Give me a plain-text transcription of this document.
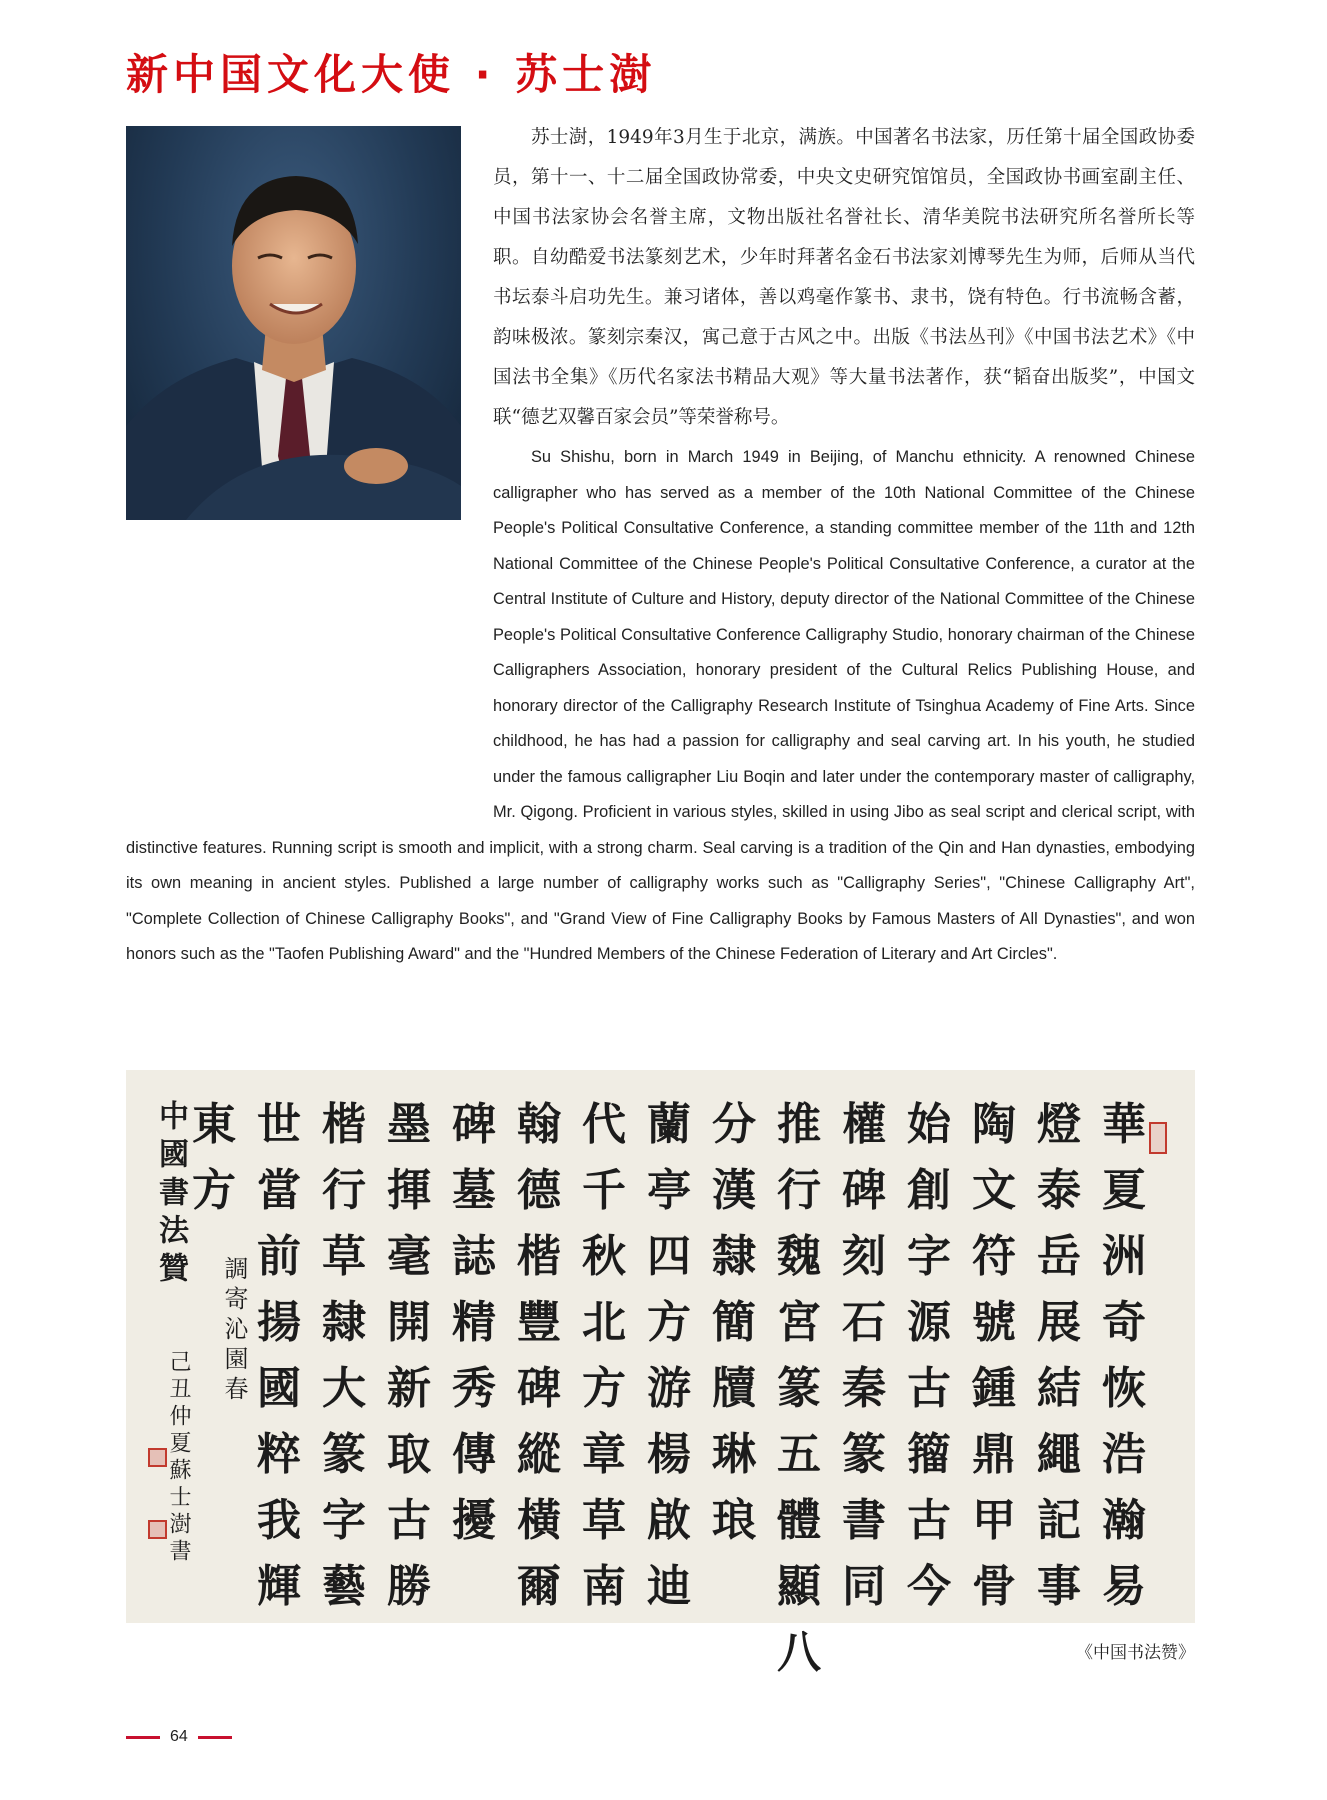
新中国文化大使 · 苏士澍

苏士澍，1949年3月生于北京，满族。中国著名书法家，历任第十届全国政协委员，第十一、十二届全国政协常委，中央文史研究馆馆员，全国政协书画室副主任、中国书法家协会名誉主席，文物出版社名誉社长、清华美院书法研究所名誉所长等职。自幼酷爱书法篆刻艺术，少年时拜著名金石书法家刘博琴先生为师，后师从当代书坛泰斗启功先生。兼习诸体，善以鸡毫作篆书、隶书，饶有特色。行书流畅含蓄，韵味极浓。篆刻宗秦汉，寓己意于古风之中。出版《书法丛刊》《中国书法艺术》《中国法书全集》《历代名家法书精品大观》等大量书法著作，获“韬奋出版奖”，中国文联“德艺双馨百家会员”等荣誉称号。

Su Shishu, born in March 1949 in Beijing, of Manchu ethnicity. A renowned Chinese calligrapher who has served as a member of the 10th National Committee of the Chinese People's Political Consultative Conference, a standing committee member of the 11th and 12th National Committee of the Chinese People's Political Consultative Conference, a curator at the Central Institute of Culture and History, deputy director of the National Committee of the Chinese People's Political Consultative Conference Calligraphy Studio, honorary chairman of the Chinese Calligraphers Association, honorary president of the Cultural Relics Publishing House, and honorary director of the Calligraphy Research Institute of Tsinghua Academy of Fine Arts. Since childhood, he has had a passion for calligraphy and seal carving art. In his youth, he studied under the famous calligrapher Liu Boqin and later under the contemporary master of calligraphy, Mr. Qigong. Proficient in various styles, skilled in using Jibo as seal script and clerical script, with distinctive features. Running script is smooth and implicit, with a strong charm. Seal carving is a tradition of the Qin and Han dynasties, embodying its own meaning in ancient styles. Published a large number of calligraphy works such as "Calligraphy Series", "Chinese Calligraphy Art", "Complete Collection of Chinese Calligraphy Books", and "Grand View of Fine Calligraphy Books by Famous Masters of All Dynasties", and won honors such as the "Taofen Publishing Award" and the "Hundred Members of the Chinese Federation of Literary and Art Circles".

華
夏
洲
奇
恢
浩
瀚
易
燈
泰
岳
展
結
繩
記
事
陶
文
符
號
鍾
鼎
甲
骨
始
創
字
源
古
籀
古
今
權
碑
刻
石
秦
篆
書
同
推
行
魏
宮
篆
五
體
顯
八
分
漢
隸
簡
牘
琳
琅
蘭
亭
四
方
游
楊
啟
迪
代
千
秋
北
方
章
草
南
翰
德
楷
豐
碑
縱
橫
爾
碑
墓
誌
精
秀
傳
擾
墨
揮
毫
開
新
取
古
勝
楷
行
草
隸
大
篆
字
藝
世
當
前
揚
國
粹
我
輝
東
方
中國書法贊
調寄沁園春
己丑仲夏蘇士澍書
《中国书法赞》
64
